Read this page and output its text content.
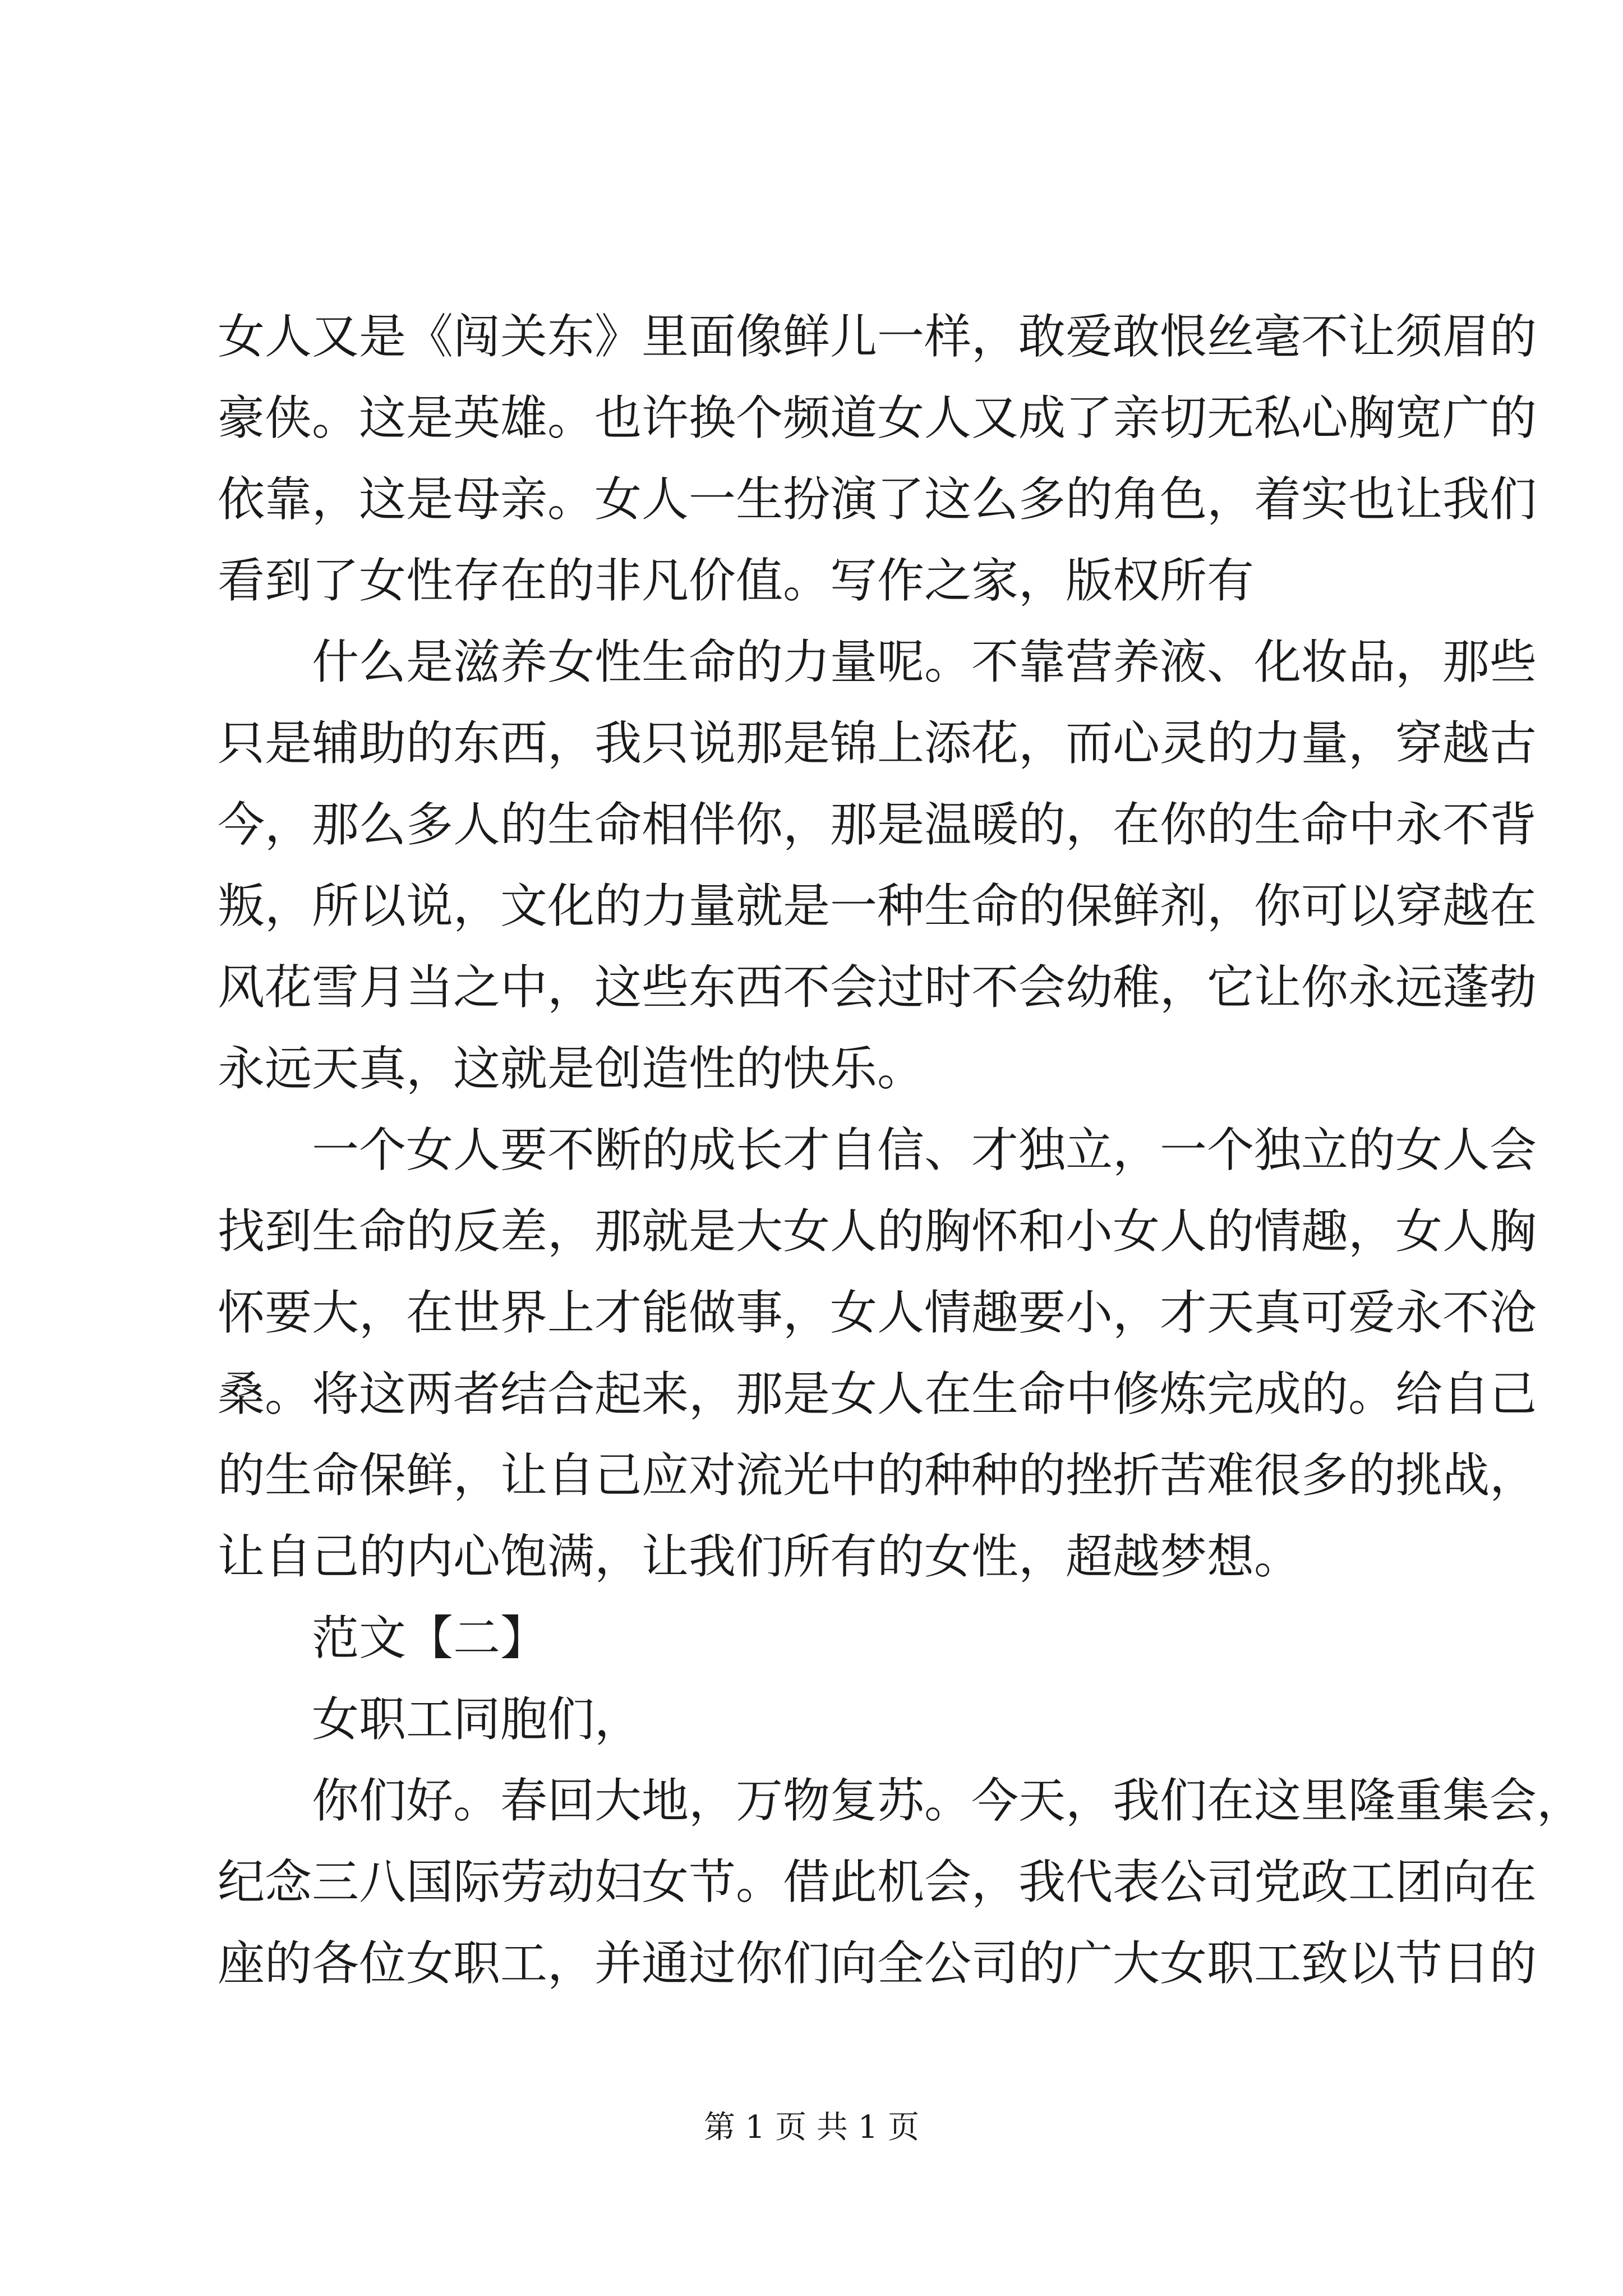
女人又是《闯关东》里面像鲜儿一样，敢爱敢恨丝毫不让须眉的
豪侠。这是英雄。也许换个频道女人又成了亲切无私心胸宽广的
依靠，这是母亲。女人一生扮演了这么多的角色，着实也让我们
看到了女性存在的非凡价值。写作之家，版权所有
什么是滋养女性生命的力量呢。不靠营养液、化妆品，那些
只是辅助的东西，我只说那是锦上添花，而心灵的力量，穿越古
今，那么多人的生命相伴你，那是温暖的，在你的生命中永不背
叛，所以说，文化的力量就是一种生命的保鲜剂，你可以穿越在
风花雪月当之中，这些东西不会过时不会幼稚，它让你永远蓬勃
永远天真，这就是创造性的快乐。
一个女人要不断的成长才自信、才独立，一个独立的女人会
找到生命的反差，那就是大女人的胸怀和小女人的情趣，女人胸
怀要大，在世界上才能做事，女人情趣要小，才天真可爱永不沧
桑。将这两者结合起来，那是女人在生命中修炼完成的。给自己
的生命保鲜，让自己应对流光中的种种的挫折苦难很多的挑战，
让自己的内心饱满，让我们所有的女性，超越梦想。
范文【二】
女职工同胞们，
你们好。春回大地，万物复苏。今天，我们在这里隆重集会，
纪念三八国际劳动妇女节。借此机会，我代表公司党政工团向在
座的各位女职工，并通过你们向全公司的广大女职工致以节日的
第 1 页 共 1 页
